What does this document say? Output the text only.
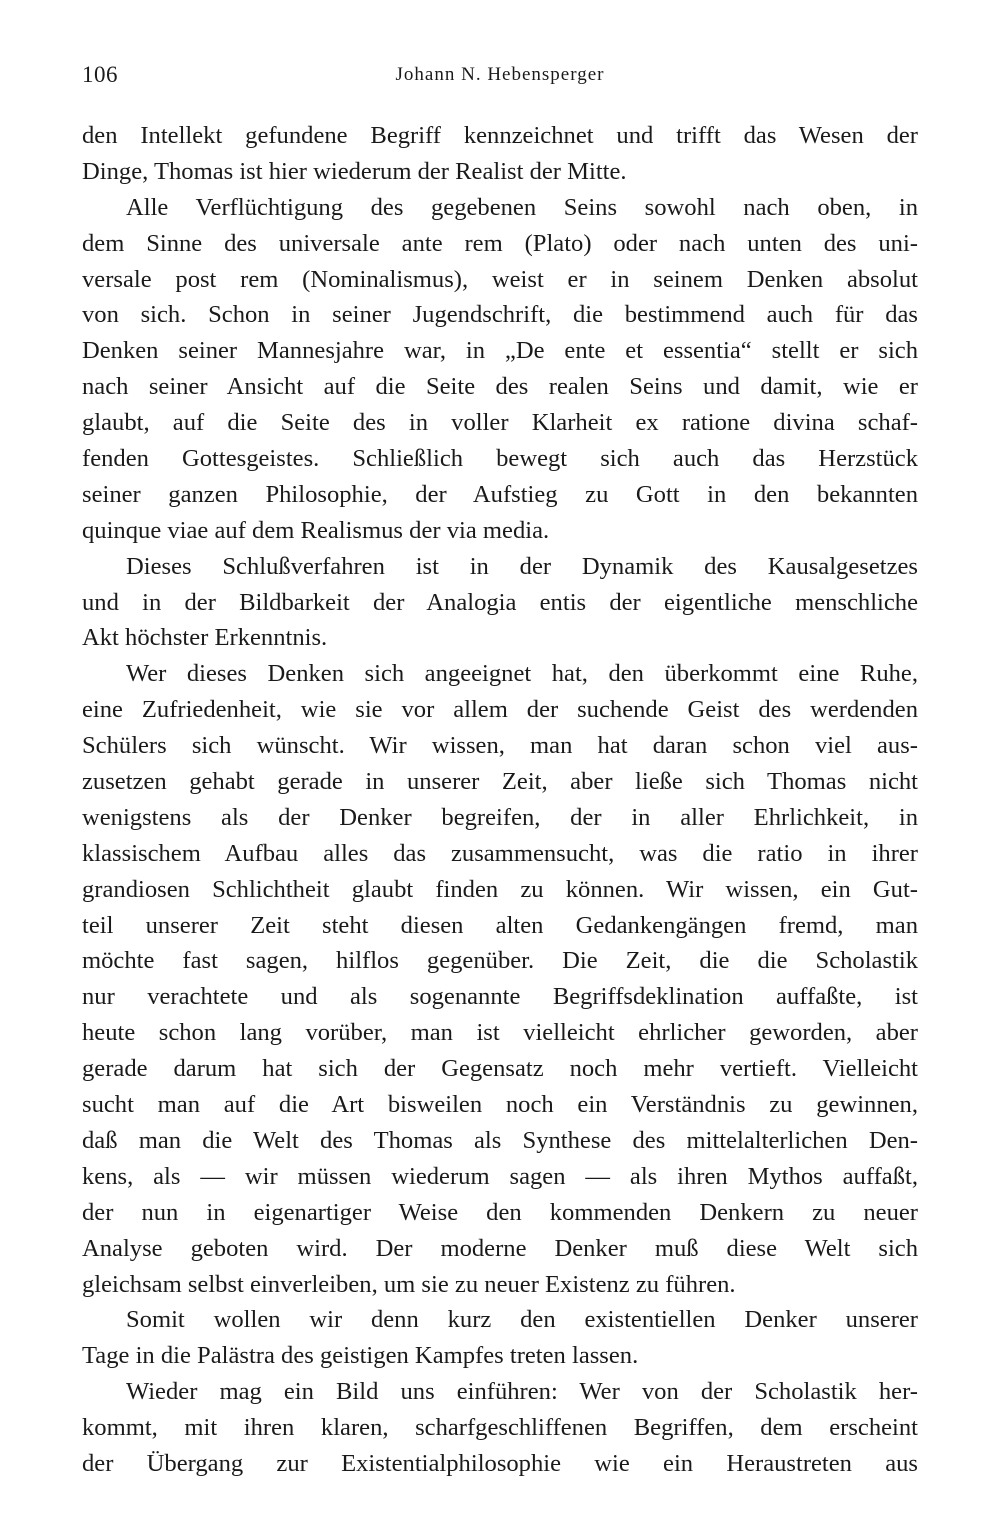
106	Johann N. Hebensperger
den Intellekt gefundene Begriff kennzeichnet und trifft das Wesen der
Dinge, Thomas ist hier wiederum der Realist der Mitte.
Alle Verflüchtigung des gegebenen Seins sowohl nach oben, in
dem Sinne des universale ante rem (Plato) oder nach unten des uni-
versale post rem (Nominalismus), weist er in seinem Denken absolut
von sich. Schon in seiner Jugendschrift, die bestimmend auch für das
Denken seiner Mannesjahre war, in „De ente et essentia“ stellt er sich
nach seiner Ansicht auf die Seite des realen Seins und damit, wie er
glaubt, auf die Seite des in voller Klarheit ex ratione divina schaf-
fenden Gottesgeistes. Schließlich bewegt sich auch das Herzstück
seiner ganzen Philosophie, der Aufstieg zu Gott in den bekannten
quinque viae auf dem Realismus der via media.
Dieses Schlußverfahren ist in der Dynamik des Kausalgesetzes
und in der Bildbarkeit der Analogia entis der eigentliche menschliche
Akt höchster Erkenntnis.
Wer dieses Denken sich angeeignet hat, den überkommt eine Ruhe,
eine Zufriedenheit, wie sie vor allem der suchende Geist des werdenden
Schülers sich wünscht. Wir wissen, man hat daran schon viel aus-
zusetzen gehabt gerade in unserer Zeit, aber ließe sich Thomas nicht
wenigstens als der Denker begreifen, der in aller Ehrlichkeit, in
klassischem Aufbau alles das zusammensucht, was die ratio in ihrer
grandiosen Schlichtheit glaubt finden zu können. Wir wissen, ein Gut-
teil unserer Zeit steht diesen alten Gedankengängen fremd, man
möchte fast sagen, hilflos gegenüber. Die Zeit, die die Scholastik
nur verachtete und als sogenannte Begriffsdeklination auffaßte, ist
heute schon lang vorüber, man ist vielleicht ehrlicher geworden, aber
gerade darum hat sich der Gegensatz noch mehr vertieft. Vielleicht
sucht man auf die Art bisweilen noch ein Verständnis zu gewinnen,
daß man die Welt des Thomas als Synthese des mittelalterlichen Den-
kens, als — wir müssen wiederum sagen — als ihren Mythos auffaßt,
der nun in eigenartiger Weise den kommenden Denkern zu neuer
Analyse geboten wird. Der moderne Denker muß diese Welt sich
gleichsam selbst einverleiben, um sie zu neuer Existenz zu führen.
Somit wollen wir denn kurz den existentiellen Denker unserer
Tage in die Palästra des geistigen Kampfes treten lassen.
Wieder mag ein Bild uns einführen: Wer von der Scholastik her-
kommt, mit ihren klaren, scharfgeschliffenen Begriffen, dem erscheint
der Übergang zur Existentialphilosophie wie ein Heraustreten aus
